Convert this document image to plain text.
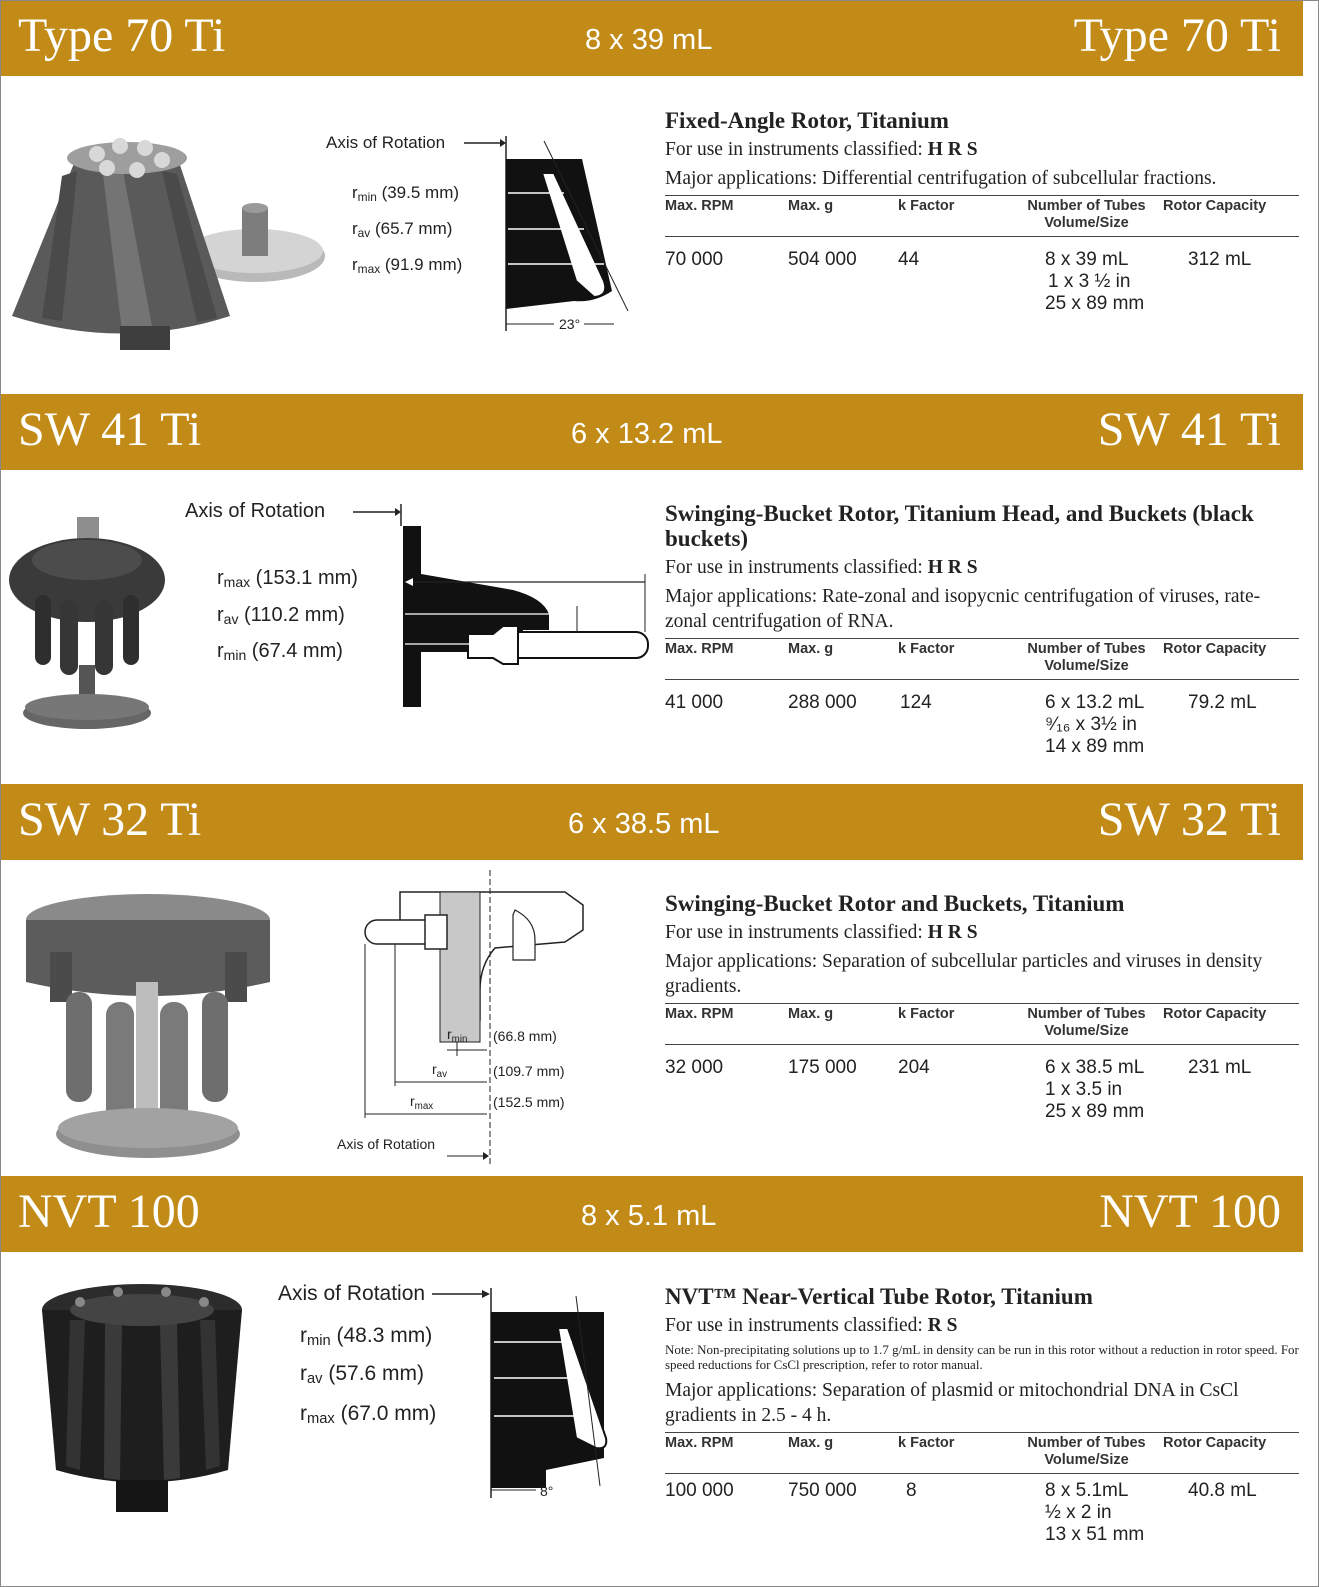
Type 70 Ti	8 x 39 mL	Type 70 Ti
Axis of Rotation
$r_{min}$ (39.5 mm)
$r_{av}$ (65.7 mm)
$r_{max}$ (91.9 mm)
23°

Fixed-Angle Rotor, Titanium

For use in instruments classified: H R S

Major applications: Differential centrifugation of subcellular fractions.

Max. RPM	Max. g	k Factor	Number of Tubes
Volume/Size	Rotor Capacity
70 000	504 000	44	8 x 39 mL
1 x 3 ½ in
25 x 89 mm	312 mL
SW 41 Ti	6 x 13.2 mL	SW 41 Ti
Axis of Rotation
$r_{max}$ (153.1 mm)
$r_{av}$ (110.2 mm)
$r_{min}$ (67.4 mm)

Swinging-Bucket Rotor, Titanium Head, and Buckets (black buckets)

For use in instruments classified: H R S

Major applications: Rate-zonal and isopycnic centrifugation of viruses, rate-zonal centrifugation of RNA.

Max. RPM	Max. g	k Factor	Number of Tubes
Volume/Size	Rotor Capacity
41 000	288 000	124	6 x 13.2 mL
⁹⁄₁₆ x 3½ in
14 x 89 mm	79.2 mL
SW 32 Ti	6 x 38.5 mL	SW 32 Ti
$r_{min}$ (66.8 mm)
$r_{av}$	(109.7 mm)
$r_{max}$	(152.5 mm)
Axis of Rotation

Swinging-Bucket Rotor and Buckets, Titanium

For use in instruments classified: H R S

Major applications: Separation of subcellular particles and viruses in density gradients.

Max. RPM	Max. g	k Factor	Number of Tubes
Volume/Size	Rotor Capacity
32 000	175 000	204	6 x 38.5 mL
1 x 3.5 in
25 x 89 mm	231 mL
NVT 100	8 x 5.1 mL	NVT 100
Axis of Rotation
$r_{min}$ (48.3 mm)
$r_{av}$ (57.6 mm)
$r_{max}$ (67.0 mm)
8°

NVT™ Near-Vertical Tube Rotor, Titanium

For use in instruments classified: R S

Note: Non-precipitating solutions up to 1.7 g/mL in density can be run in this rotor without a reduction in rotor speed. For speed reductions for CsCl prescription, refer to rotor manual.

Major applications: Separation of plasmid or mitochondrial DNA in CsCl gradients in 2.5 - 4 h.

Max. RPM	Max. g	k Factor	Number of Tubes
Volume/Size	Rotor Capacity
100 000	750 000	8	8 x 5.1mL
½ x 2 in
13 x 51 mm	40.8 mL
